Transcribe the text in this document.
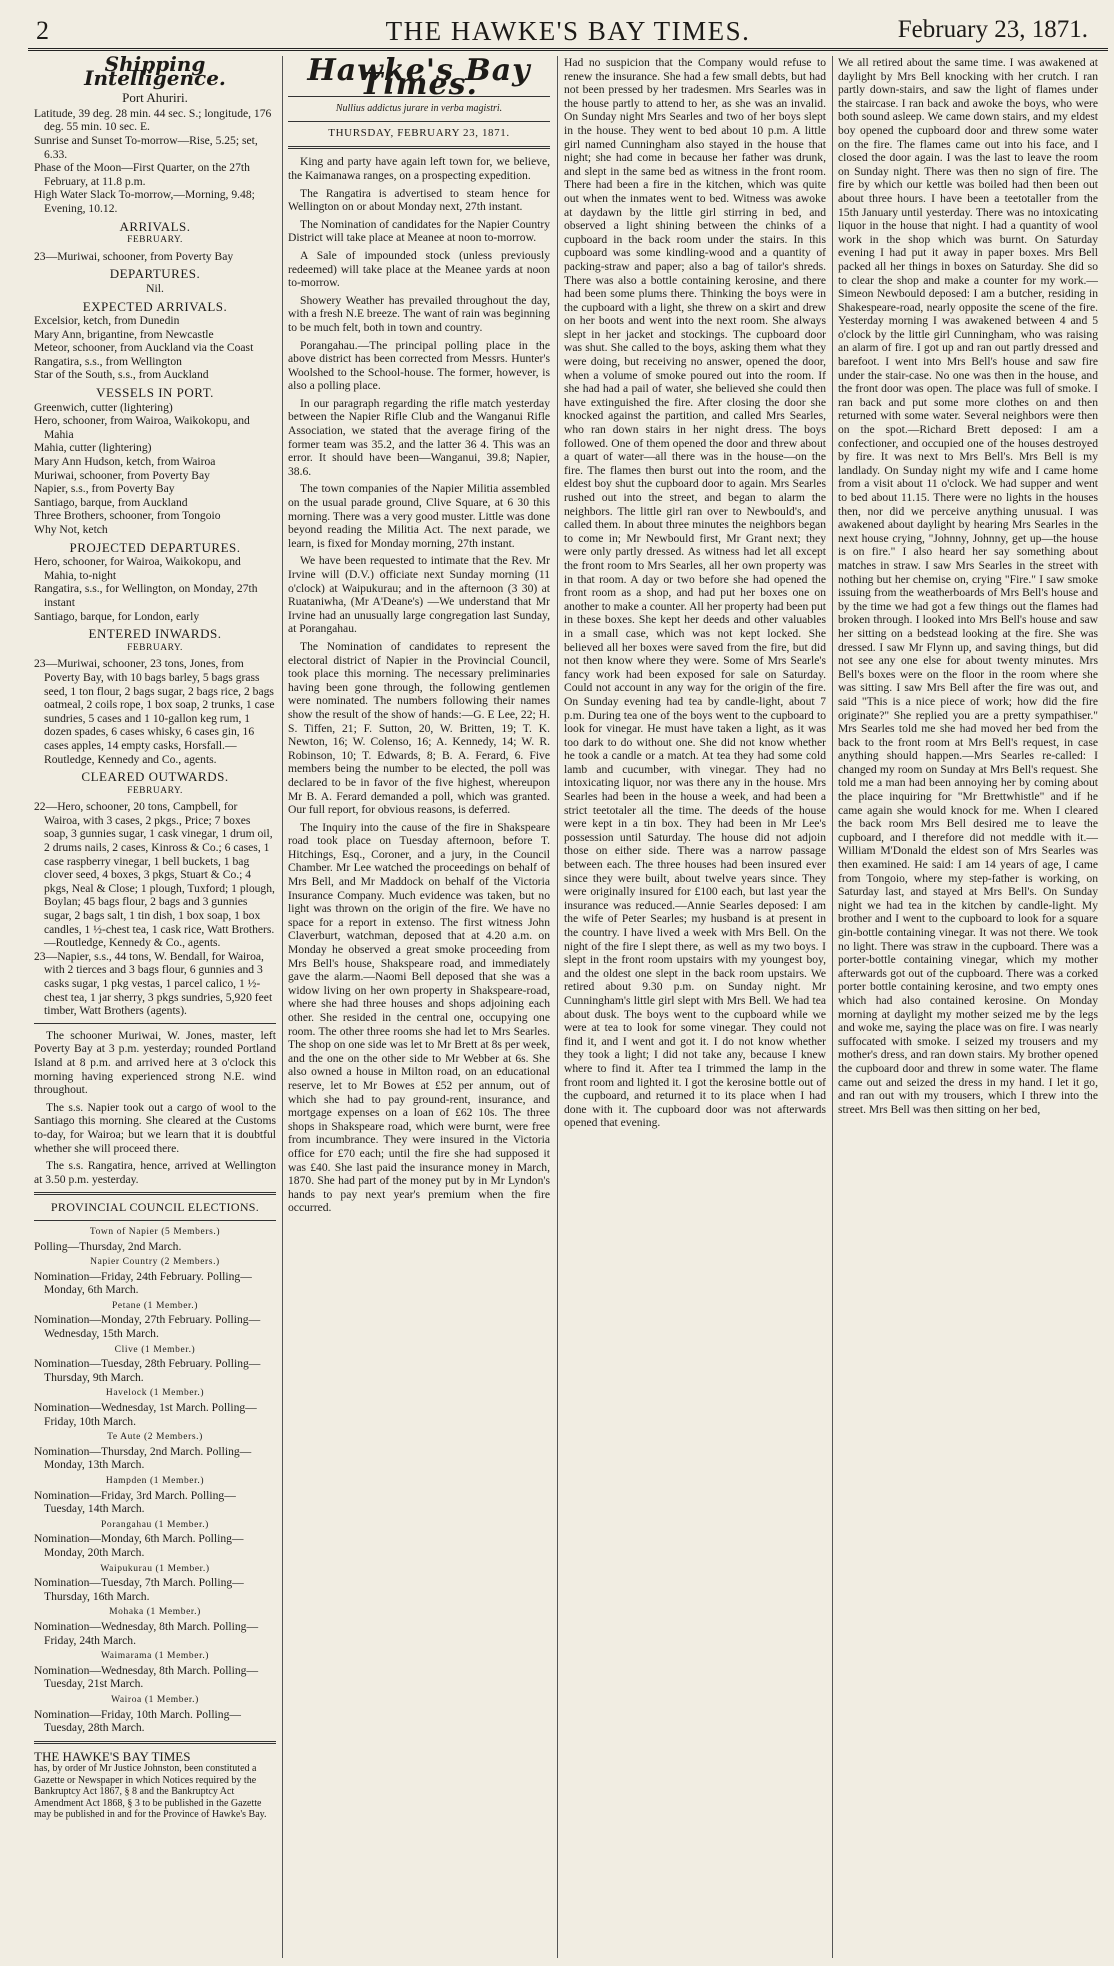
2	THE HAWKE'S BAY TIMES.	February 23, 1871.
Shipping Intelligence.
Port Ahuriri.
Latitude, 39 deg. 28 min. 44 sec. S.; longitude, 176 deg. 55 min. 10 sec. E.
Sunrise and Sunset To-morrow—Rise, 5.25; set, 6.33.
Phase of the Moon—First Quarter, on the 27th February, at 11.8 p.m.
High Water Slack To-morrow,—Morning, 9.48; Evening, 10.12.
ARRIVALS.
FEBRUARY.
23—Muriwai, schooner, from Poverty Bay
DEPARTURES.
Nil.
EXPECTED ARRIVALS.
Excelsior, ketch, from Dunedin
Mary Ann, brigantine, from Newcastle
Meteor, schooner, from Auckland via the Coast
Rangatira, s.s., from Wellington
Star of the South, s.s., from Auckland
VESSELS IN PORT.
Greenwich, cutter (lightering)
Hero, schooner, from Wairoa, Waikokopu, and Mahia
Mahia, cutter (lightering)
Mary Ann Hudson, ketch, from Wairoa
Muriwai, schooner, from Poverty Bay
Napier, s.s., from Poverty Bay
Santiago, barque, from Auckland
Three Brothers, schooner, from Tongoio
Why Not, ketch
PROJECTED DEPARTURES.
Hero, schooner, for Wairoa, Waikokopu, and Mahia, to-night
Rangatira, s.s., for Wellington, on Monday, 27th instant
Santiago, barque, for London, early
ENTERED INWARDS.
FEBRUARY.
23—Muriwai, schooner, 23 tons, Jones, from Poverty Bay, with 10 bags barley, 5 bags grass seed, 1 ton flour, 2 bags sugar, 2 bags rice, 2 bags oatmeal, 2 coils rope, 1 box soap, 2 trunks, 1 case sundries, 5 cases and 1 10-gallon keg rum, 1 dozen spades, 6 cases whisky, 6 cases gin, 16 cases apples, 14 empty casks, Horsfall.—Routledge, Kennedy and Co., agents.
CLEARED OUTWARDS.
FEBRUARY.
22—Hero, schooner, 20 tons, Campbell, for Wairoa, with 3 cases, 2 pkgs., Price; 7 boxes soap, 3 gunnies sugar, 1 cask vinegar, 1 drum oil, 2 drums nails, 2 cases, Kinross & Co.; 6 cases, 1 case raspberry vinegar, 1 bell buckets, 1 bag clover seed, 4 boxes, 3 pkgs, Stuart & Co.; 4 pkgs, Neal & Close; 1 plough, Tuxford; 1 plough, Boylan; 45 bags flour, 2 bags and 3 gunnies sugar, 2 bags salt, 1 tin dish, 1 box soap, 1 box candles, 1 ½-chest tea, 1 cask rice, Watt Brothers.—Routledge, Kennedy & Co., agents.
23—Napier, s.s., 44 tons, W. Bendall, for Wairoa, with 2 tierces and 3 bags flour, 6 gunnies and 3 casks sugar, 1 pkg vestas, 1 parcel calico, 1 ½-chest tea, 1 jar sherry, 3 pkgs sundries, 5,920 feet timber, Watt Brothers (agents).

The schooner Muriwai, W. Jones, master, left Poverty Bay at 3 p.m. yesterday; rounded Portland Island at 8 p.m. and arrived here at 3 o'clock this morning having experienced strong N.E. wind throughout.

The s.s. Napier took out a cargo of wool to the Santiago this morning. She cleared at the Customs to-day, for Wairoa; but we learn that it is doubtful whether she will proceed there.

The s.s. Rangatira, hence, arrived at Wellington at 3.50 p.m. yesterday.

PROVINCIAL COUNCIL ELECTIONS.
Town of Napier (5 Members.)
Polling—Thursday, 2nd March.
Napier Country (2 Members.)
Nomination—Friday, 24th February. Polling—Monday, 6th March.
Petane (1 Member.)
Nomination—Monday, 27th February. Polling—Wednesday, 15th March.
Clive (1 Member.)
Nomination—Tuesday, 28th February. Polling—Thursday, 9th March.
Havelock (1 Member.)
Nomination—Wednesday, 1st March. Polling—Friday, 10th March.
Te Aute (2 Members.)
Nomination—Thursday, 2nd March. Polling—Monday, 13th March.
Hampden (1 Member.)
Nomination—Friday, 3rd March. Polling—Tuesday, 14th March.
Porangahau (1 Member.)
Nomination—Monday, 6th March. Polling—Monday, 20th March.
Waipukurau (1 Member.)
Nomination—Tuesday, 7th March. Polling—Thursday, 16th March.
Mohaka (1 Member.)
Nomination—Wednesday, 8th March. Polling—Friday, 24th March.
Waimarama (1 Member.)
Nomination—Wednesday, 8th March. Polling—Tuesday, 21st March.
Wairoa (1 Member.)
Nomination—Friday, 10th March. Polling—Tuesday, 28th March.
THE HAWKE'S BAY TIMES
has, by order of Mr Justice Johnston, been constituted a Gazette or Newspaper in which Notices required by the Bankruptcy Act 1867, § 8 and the Bankruptcy Act Amendment Act 1868, § 3 to be published in the Gazette may be published in and for the Province of Hawke's Bay.
Hawke's Bay Times.
Nullius addictus jurare in verba magistri.
THURSDAY, FEBRUARY 23, 1871.

King and party have again left town for, we believe, the Kaimanawa ranges, on a prospecting expedition.

The Rangatira is advertised to steam hence for Wellington on or about Monday next, 27th instant.

The Nomination of candidates for the Napier Country District will take place at Meanee at noon to-morrow.

A Sale of impounded stock (unless previously redeemed) will take place at the Meanee yards at noon to-morrow.

Showery Weather has prevailed throughout the day, with a fresh N.E breeze. The want of rain was beginning to be much felt, both in town and country.

Porangahau.—The principal polling place in the above district has been corrected from Messrs. Hunter's Woolshed to the School-house. The former, however, is also a polling place.

In our paragraph regarding the rifle match yesterday between the Napier Rifle Club and the Wanganui Rifle Association, we stated that the average firing of the former team was 35.2, and the latter 36 4. This was an error. It should have been—Wanganui, 39.8; Napier, 38.6.

The town companies of the Napier Militia assembled on the usual parade ground, Clive Square, at 6 30 this morning. There was a very good muster. Little was done beyond reading the Militia Act. The next parade, we learn, is fixed for Monday morning, 27th instant.

We have been requested to intimate that the Rev. Mr Irvine will (D.V.) officiate next Sunday morning (11 o'clock) at Waipukurau; and in the afternoon (3 30) at Ruataniwha, (Mr A'Deane's) —We understand that Mr Irvine had an unusually large congregation last Sunday, at Porangahau.

The Nomination of candidates to represent the electoral district of Napier in the Provincial Council, took place this morning. The necessary preliminaries having been gone through, the following gentlemen were nominated. The numbers following their names show the result of the show of hands:—G. E Lee, 22; H. S. Tiffen, 21; F. Sutton, 20, W. Britten, 19; T. K. Newton, 16; W. Colenso, 16; A. Kennedy, 14; W. R. Robinson, 10; T. Edwards, 8; B. A. Ferard, 6. Five members being the number to be elected, the poll was declared to be in favor of the five highest, whereupon Mr B. A. Ferard demanded a poll, which was granted. Our full report, for obvious reasons, is deferred.

The Inquiry into the cause of the fire in Shakspeare road took place on Tuesday afternoon, before T. Hitchings, Esq., Coroner, and a jury, in the Council Chamber. Mr Lee watched the proceedings on behalf of Mrs Bell, and Mr Maddock on behalf of the Victoria Insurance Company. Much evidence was taken, but no light was thrown on the origin of the fire. We have no space for a report in extenso. The first witness John Claverburt, watchman, deposed that at 4.20 a.m. on Monday he observed a great smoke proceeding from Mrs Bell's house, Shakspeare road, and immediately gave the alarm.—Naomi Bell deposed that she was a widow living on her own property in Shakspeare-road, where she had three houses and shops adjoining each other. She resided in the central one, occupying one room. The other three rooms she had let to Mrs Searles. The shop on one side was let to Mr Brett at 8s per week, and the one on the other side to Mr Webber at 6s. She also owned a house in Milton road, on an educational reserve, let to Mr Bowes at £52 per annum, out of which she had to pay ground-rent, insurance, and mortgage expenses on a loan of £62 10s. The three shops in Shakspeare road, which were burnt, were free from incumbrance. They were insured in the Victoria office for £70 each; until the fire she had supposed it was £40. She last paid the insurance money in March, 1870. She had part of the money put by in Mr Lyndon's hands to pay next year's premium when the fire occurred.

Had no suspicion that the Company would refuse to renew the insurance. She had a few small debts, but had not been pressed by her tradesmen. Mrs Searles was in the house partly to attend to her, as she was an invalid. On Sunday night Mrs Searles and two of her boys slept in the house. They went to bed about 10 p.m. A little girl named Cunningham also stayed in the house that night; she had come in because her father was drunk, and slept in the same bed as witness in the front room. There had been a fire in the kitchen, which was quite out when the inmates went to bed. Witness was awoke at daydawn by the little girl stirring in bed, and observed a light shining between the chinks of a cupboard in the back room under the stairs. In this cupboard was some kindling-wood and a quantity of packing-straw and paper; also a bag of tailor's shreds. There was also a bottle containing kerosine, and there had been some plums there. Thinking the boys were in the cupboard with a light, she threw on a skirt and drew on her boots and went into the next room. She always slept in her jacket and stockings. The cupboard door was shut. She called to the boys, asking them what they were doing, but receiving no answer, opened the door, when a volume of smoke poured out into the room. If she had had a pail of water, she believed she could then have extinguished the fire. After closing the door she knocked against the partition, and called Mrs Searles, who ran down stairs in her night dress. The boys followed. One of them opened the door and threw about a quart of water—all there was in the house—on the fire. The flames then burst out into the room, and the eldest boy shut the cupboard door to again. Mrs Searles rushed out into the street, and began to alarm the neighbors. The little girl ran over to Newbould's, and called them. In about three minutes the neighbors began to come in; Mr Newbould first, Mr Grant next; they were only partly dressed. As witness had let all except the front room to Mrs Searles, all her own property was in that room. A day or two before she had opened the front room as a shop, and had put her boxes one on another to make a counter. All her property had been put in these boxes. She kept her deeds and other valuables in a small case, which was not kept locked. She believed all her boxes were saved from the fire, but did not then know where they were. Some of Mrs Searle's fancy work had been exposed for sale on Saturday. Could not account in any way for the origin of the fire. On Sunday evening had tea by candle-light, about 7 p.m. During tea one of the boys went to the cupboard to look for vinegar. He must have taken a light, as it was too dark to do without one. She did not know whether he took a candle or a match. At tea they had some cold lamb and cucumber, with vinegar. They had no intoxicating liquor, nor was there any in the house. Mrs Searles had been in the house a week, and had been a strict teetotaler all the time. The deeds of the house were kept in a tin box. They had been in Mr Lee's possession until Saturday. The house did not adjoin those on either side. There was a narrow passage between each. The three houses had been insured ever since they were built, about twelve years since. They were originally insured for £100 each, but last year the insurance was reduced.—Annie Searles deposed: I am the wife of Peter Searles; my husband is at present in the country. I have lived a week with Mrs Bell. On the night of the fire I slept there, as well as my two boys. I slept in the front room upstairs with my youngest boy, and the oldest one slept in the back room upstairs. We retired about 9.30 p.m. on Sunday night. Mr Cunningham's little girl slept with Mrs Bell. We had tea about dusk. The boys went to the cupboard while we were at tea to look for some vinegar. They could not find it, and I went and got it. I do not know whether they took a light; I did not take any, because I knew where to find it. After tea I trimmed the lamp in the front room and lighted it. I got the kerosine bottle out of the cupboard, and returned it to its place when I had done with it. The cupboard door was not afterwards opened that evening.

We all retired about the same time. I was awakened at daylight by Mrs Bell knocking with her crutch. I ran partly down-stairs, and saw the light of flames under the staircase. I ran back and awoke the boys, who were both sound asleep. We came down stairs, and my eldest boy opened the cupboard door and threw some water on the fire. The flames came out into his face, and I closed the door again. I was the last to leave the room on Sunday night. There was then no sign of fire. The fire by which our kettle was boiled had then been out about three hours. I have been a teetotaller from the 15th January until yesterday. There was no intoxicating liquor in the house that night. I had a quantity of wool work in the shop which was burnt. On Saturday evening I had put it away in paper boxes. Mrs Bell packed all her things in boxes on Saturday. She did so to clear the shop and make a counter for my work.—Simeon Newbould deposed: I am a butcher, residing in Shakespeare-road, nearly opposite the scene of the fire. Yesterday morning I was awakened between 4 and 5 o'clock by the little girl Cunningham, who was raising an alarm of fire. I got up and ran out partly dressed and barefoot. I went into Mrs Bell's house and saw fire under the stair-case. No one was then in the house, and the front door was open. The place was full of smoke. I ran back and put some more clothes on and then returned with some water. Several neighbors were then on the spot.—Richard Brett deposed: I am a confectioner, and occupied one of the houses destroyed by fire. It was next to Mrs Bell's. Mrs Bell is my landlady. On Sunday night my wife and I came home from a visit about 11 o'clock. We had supper and went to bed about 11.15. There were no lights in the houses then, nor did we perceive anything unusual. I was awakened about daylight by hearing Mrs Searles in the next house crying, "Johnny, Johnny, get up—the house is on fire." I also heard her say something about matches in straw. I saw Mrs Searles in the street with nothing but her chemise on, crying "Fire." I saw smoke issuing from the weatherboards of Mrs Bell's house and by the time we had got a few things out the flames had broken through. I looked into Mrs Bell's house and saw her sitting on a bedstead looking at the fire. She was dressed. I saw Mr Flynn up, and saving things, but did not see any one else for about twenty minutes. Mrs Bell's boxes were on the floor in the room where she was sitting. I saw Mrs Bell after the fire was out, and said "This is a nice piece of work; how did the fire originate?" She replied you are a pretty sympathiser." Mrs Searles told me she had moved her bed from the back to the front room at Mrs Bell's request, in case anything should happen.—Mrs Searles re-called: I changed my room on Sunday at Mrs Bell's request. She told me a man had been annoying her by coming about the place inquiring for "Mr Brettwhistle" and if he came again she would knock for me. When I cleared the back room Mrs Bell desired me to leave the cupboard, and I therefore did not meddle with it.—William M'Donald the eldest son of Mrs Searles was then examined. He said: I am 14 years of age, I came from Tongoio, where my step-father is working, on Saturday last, and stayed at Mrs Bell's. On Sunday night we had tea in the kitchen by candle-light. My brother and I went to the cupboard to look for a square gin-bottle containing vinegar. It was not there. We took no light. There was straw in the cupboard. There was a porter-bottle containing vinegar, which my mother afterwards got out of the cupboard. There was a corked porter bottle containing kerosine, and two empty ones which had also contained kerosine. On Monday morning at daylight my mother seized me by the legs and woke me, saying the place was on fire. I was nearly suffocated with smoke. I seized my trousers and my mother's dress, and ran down stairs. My brother opened the cupboard door and threw in some water. The flame came out and seized the dress in my hand. I let it go, and ran out with my trousers, which I threw into the street. Mrs Bell was then sitting on her bed,
